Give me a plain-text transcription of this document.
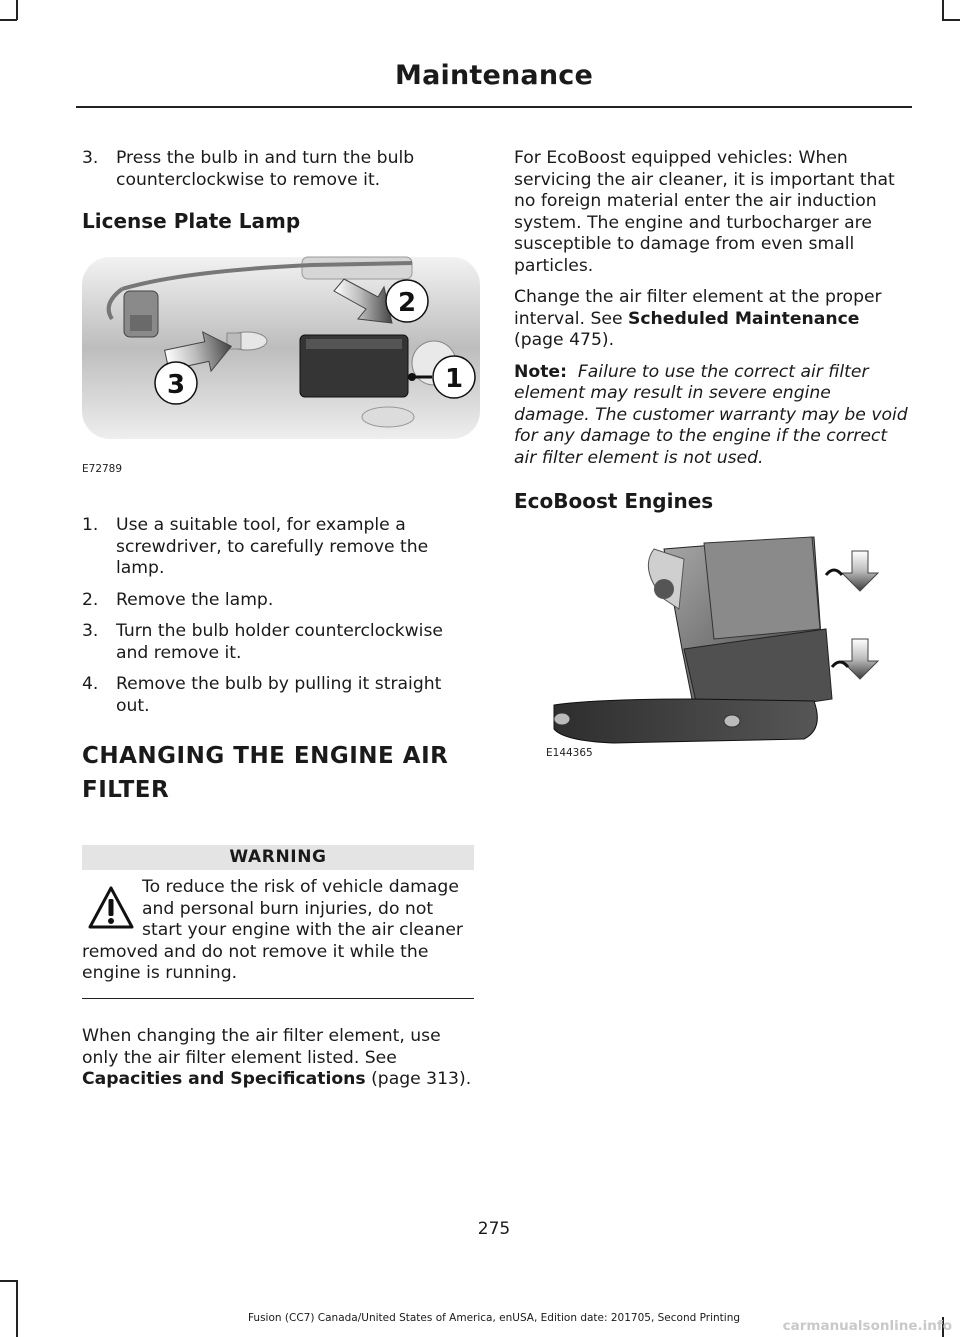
Maintenance
3. Press the bulb in and turn the bulb counterclockwise to remove it.
License Plate Lamp
1
2
3
E72789
1. Use a suitable tool, for example a screwdriver, to carefully remove the lamp.
2. Remove the lamp.
3. Turn the bulb holder counterclockwise and remove it.
4. Remove the bulb by pulling it straight out.
CHANGING THE ENGINE AIR
FILTER
WARNING
To reduce the risk of vehicle damage and personal burn injuries, do not start your engine with the air cleaner removed and do not remove it while the engine is running.

When changing the air filter element, use only the air filter element listed. See Capacities and Specifications (page 313).

For EcoBoost equipped vehicles: When servicing the air cleaner, it is important that no foreign material enter the air induction system. The engine and turbocharger are susceptible to damage from even small particles.

Change the air filter element at the proper interval. See Scheduled Maintenance (page 475).

Note: Failure to use the correct air filter element may result in severe engine damage. The customer warranty may be void for any damage to the engine if the correct air filter element is not used.

EcoBoost Engines
E144365
275
Fusion (CC7) Canada/United States of America, enUSA, Edition date: 201705, Second Printing	carmanualsonline.info
